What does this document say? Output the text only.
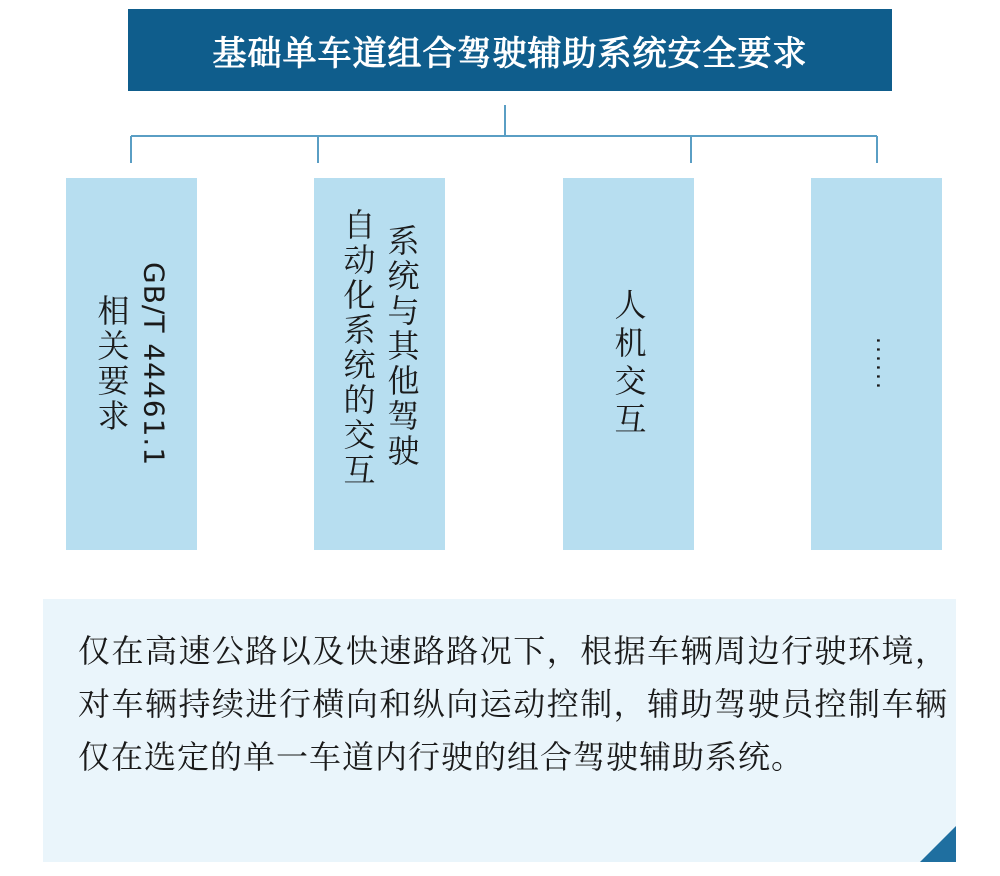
基础单车道组合驾驶辅助系统安全要求
GB/T 44461.1
相关要求	系统与其他驾驶
自动化系统的交互	人机交互	······
仅在高速公路以及快速路路况下，根据车辆周边行驶环境，对车辆持续进行横向和纵向运动控制，辅助驾驶员控制车辆仅在选定的单一车道内行驶的组合驾驶辅助系统。
